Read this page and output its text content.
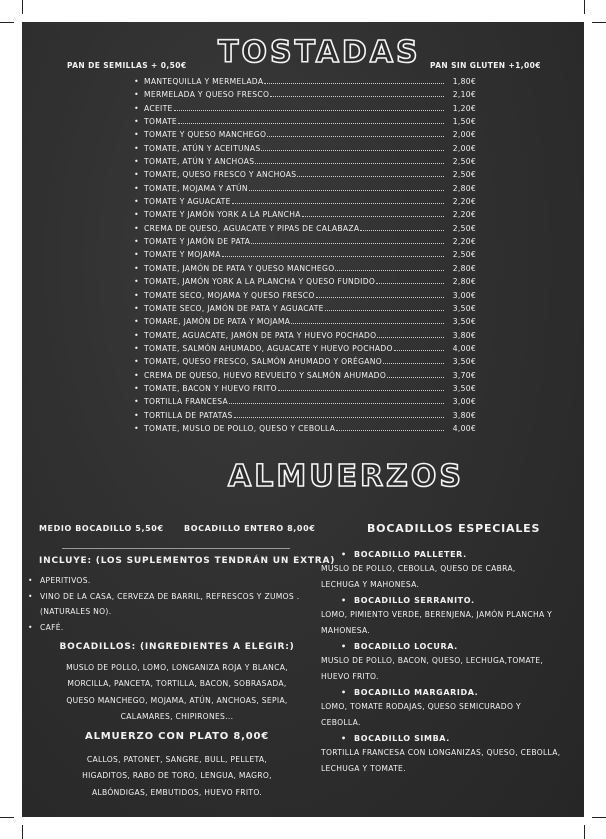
PAN DE SEMILLAS + 0,50€ TOSTADAS PAN SIN GLUTEN +1,00€
• MANTEQUILLA Y MERMELADA	1,80€
• MERMELADA Y QUESO FRESCO	2,10€
• ACEITE	1,20€
• TOMATE	1,50€
• TOMATE Y QUESO MANCHEGO	2,00€
• TOMATE, ATÚN Y ACEITUNAS	2,00€
• TOMATE, ATÚN Y ANCHOAS	2,50€
• TOMATE, QUESO FRESCO Y ANCHOAS	2,50€
• TOMATE, MOJAMA Y ATÚN	2,80€
• TOMATE Y AGUACATE	2,20€
• TOMATE Y JAMÓN YORK A LA PLANCHA	2,20€
• CREMA DE QUESO, AGUACATE Y PIPAS DE CALABAZA	2,50€
• TOMATE Y JAMÓN DE PATA	2,20€
• TOMATE Y MOJAMA	2,50€
• TOMATE, JAMÓN DE PATA Y QUESO MANCHEGO	2,80€
• TOMATE, JAMÓN YORK A LA PLANCHA Y QUESO FUNDIDO	2,80€
• TOMATE SECO, MOJAMA Y QUESO FRESCO	3,00€
• TOMATE SECO, JAMÓN DE PATA Y AGUACATE	3,50€
• TOMARE, JAMÓN DE PATA Y MOJAMA	3,50€
• TOMATE, AGUACATE, JAMÓN DE PATA Y HUEVO POCHADO	3,80€
• TOMATE, SALMÓN AHUMADO, AGUACATE Y HUEVO POCHADO	4,00€
• TOMATE, QUESO FRESCO, SALMÓN AHUMADO Y ORÉGANO	3,50€
• CREMA DE QUESO, HUEVO REVUELTO Y SALMÓN AHUMADO	3,70€
• TOMATE, BACON Y HUEVO FRITO	3,50€
• TORTILLA FRANCESA	3,00€
• TORTILLA DE PATATAS	3,80€
• TOMATE, MUSLO DE POLLO, QUESO Y CEBOLLA	4,00€
ALMUERZOS
MEDIO BOCADILLO 5,50€	BOCADILLO ENTERO 8,00€
INCLUYE: (LOS SUPLEMENTOS TENDRÁN UN EXTRA)
• APERITIVOS.
• VINO DE LA CASA, CERVEZA DE BARRIL, REFRESCOS Y ZUMOS .
(NATURALES NO).
• CAFÉ.
BOCADILLOS: (INGREDIENTES A ELEGIR:)
MUSLO DE POLLO, LOMO, LONGANIZA ROJA Y BLANCA,
MORCILLA, PANCETA, TORTILLA, BACON, SOBRASADA,
QUESO MANCHEGO, MOJAMA, ATÚN, ANCHOAS, SEPIA,
CALAMARES, CHIPIRONES...
ALMUERZO CON PLATO 8,00€
CALLOS, PATONET, SANGRE, BULL, PELLETA,
HIGADITOS, RABO DE TORO, LENGUA, MAGRO,
ALBÓNDIGAS, EMBUTIDOS, HUEVO FRITO.
BOCADILLOS ESPECIALES
• BOCADILLO PALLETER.
MUSLO DE POLLO, CEBOLLA, QUESO DE CABRA,
LECHUGA Y MAHONESA.
• BOCADILLO SERRANITO.
LOMO, PIMIENTO VERDE, BERENJENA, JAMÓN PLANCHA Y
MAHONESA.
• BOCADILLO LOCURA.
MUSLO DE POLLO, BACON, QUESO, LECHUGA,TOMATE,
HUEVO FRITO.
• BOCADILLO MARGARIDA.
LOMO, TOMATE RODAJAS, QUESO SEMICURADO Y
CEBOLLA.
• BOCADILLO SIMBA.
TORTILLA FRANCESA CON LONGANIZAS, QUESO, CEBOLLA,
LECHUGA Y TOMATE.
